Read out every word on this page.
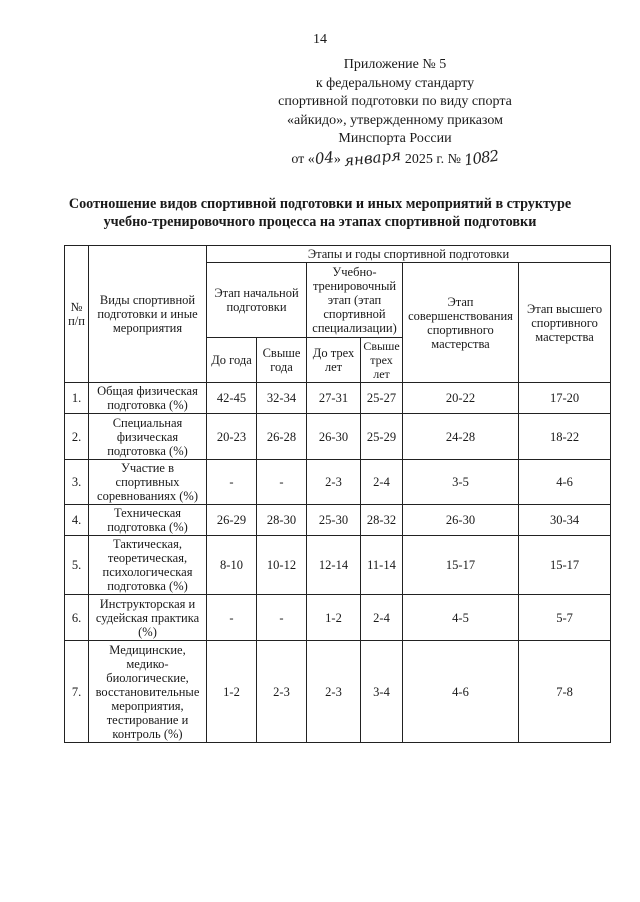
14
Приложение № 5
к федеральному стандарту
спортивной подготовки по виду спорта
«айкидо», утвержденному приказом
Минспорта России
от «04» января 2025 г. № 1082
Соотношение видов спортивной подготовки и иных мероприятий в структуре
учебно-тренировочного процесса на этапах спортивной подготовки
№ п/п	Виды спортивной подготовки и иные мероприятия	Этапы и годы спортивной подготовки					
		Этап начальной подготовки		Учебно-тренировочный этап (этап спортивной специализации)		Этап совершенствования спортивного мастерства	Этап высшего спортивного мастерства
		До года	Свыше года	До трех лет	Свыше трех лет		
1.	Общая физическая подготовка (%)	42-45	32-34	27-31	25-27	20-22	17-20
2.	Специальная физическая подготовка (%)	20-23	26-28	26-30	25-29	24-28	18-22
3.	Участие в спортивных соревнованиях (%)	-	-	2-3	2-4	3-5	4-6
4.	Техническая подготовка (%)	26-29	28-30	25-30	28-32	26-30	30-34
5.	Тактическая, теоретическая, психологическая подготовка (%)	8-10	10-12	12-14	11-14	15-17	15-17
6.	Инструкторская и судейская практика (%)	-	-	1-2	2-4	4-5	5-7
7.	Медицинские, медико-биологические, восстановительные мероприятия, тестирование и контроль (%)	1-2	2-3	2-3	3-4	4-6	7-8
